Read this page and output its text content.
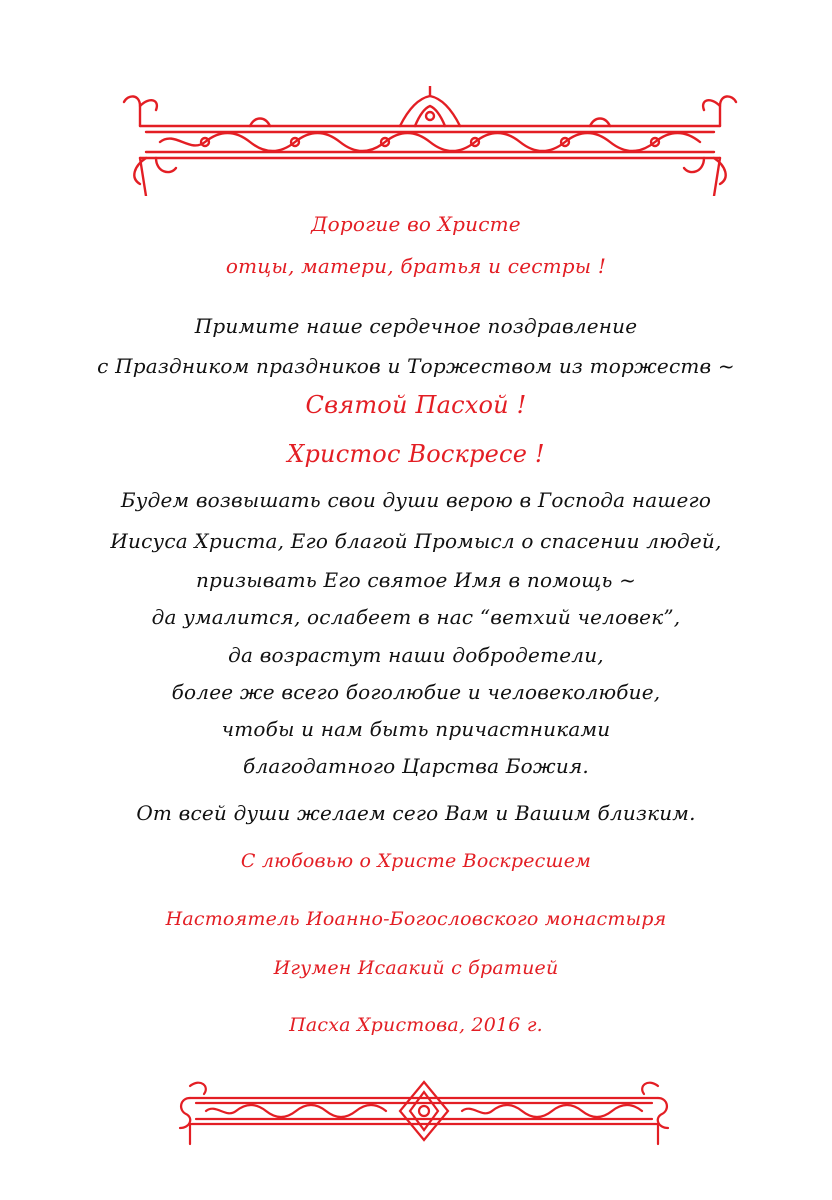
Дорогие во Христе
отцы, матери, братья и сестры !
Примите наше сердечное поздравление
с Праздником праздников и Торжеством из торжеств ~
Святой Пасхой !
Христос Воскресе !
Будем возвышать свои души верою в Господа нашего
Иисуса Христа, Его благой Промысл о спасении людей,
призывать Его святое Имя в помощь ~
да умалится, ослабеет в нас “ветхий человек”,
да возрастут наши добродетели,
более же всего боголюбие и человеколюбие,
чтобы и нам быть причастниками
благодатного Царства Божия.
От всей души желаем сего Вам и Вашим близким.
С любовью о Христе Воскресшем
Настоятель Иоанно-Богословского монастыря
Игумен Исаакий с братией
Пасха Христова, 2016 г.
